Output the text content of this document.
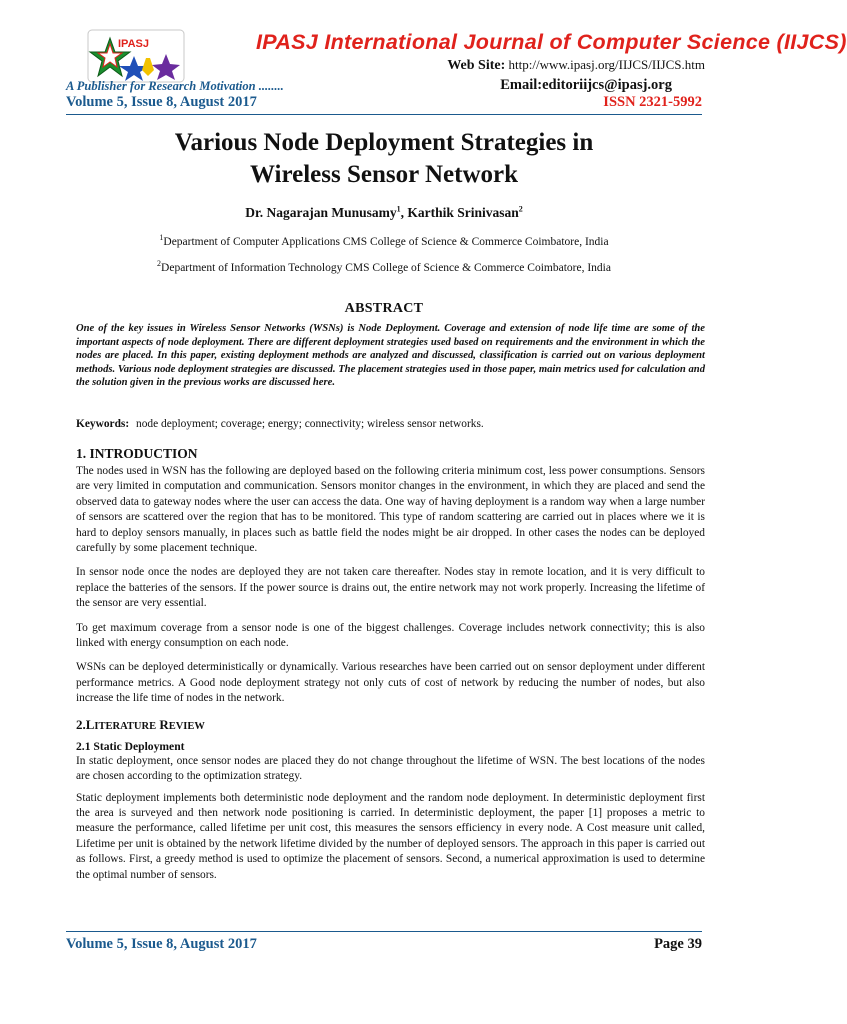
IPASJ	IPASJ International Journal of Computer Science (IIJCS)
Web Site: http://www.ipasj.org/IIJCS/IIJCS.htm
A Publisher for Research Motivation ........	Email:editoriijcs@ipasj.org
Volume 5, Issue 8, August 2017	ISSN 2321-5992
Various Node Deployment Strategies in
Wireless Sensor Network
Dr. Nagarajan Munusamy$^1$, Karthik Srinivasan$^2$
$^1$Department of Computer Applications CMS College of Science & Commerce Coimbatore, India
$^2$Department of Information Technology CMS College of Science & Commerce Coimbatore, India
ABSTRACT
One of the key issues in Wireless Sensor Networks (WSNs) is Node Deployment. Coverage and extension of node life time are some of the important aspects of node deployment. There are different deployment strategies used based on requirements and the environment in which the nodes are placed. In this paper, existing deployment methods are analyzed and discussed, classification is carried out on various deployment methods. Various node deployment strategies are discussed. The placement strategies used in those paper, main metrics used for calculation and the solution given in the previous works are discussed here.
Keywords: node deployment; coverage; energy; connectivity; wireless sensor networks.
1. INTRODUCTION

The nodes used in WSN has the following are deployed based on the following criteria minimum cost, less power consumptions. Sensors are very limited in computation and communication. Sensors monitor changes in the environment, in which they are placed and send the observed data to gateway nodes where the user can access the data. One way of having deployment is a random way when a large number of sensors are scattered over the region that has to be monitored. This type of random scattering are carried out in places where we it is hard to deploy sensors manually, in places such as battle field the nodes might be air dropped. In other cases the nodes can be deployed carefully by some placement technique.

In sensor node once the nodes are deployed they are not taken care thereafter. Nodes stay in remote location, and it is very difficult to replace the batteries of the sensors. If the power source is drains out, the entire network may not work properly. Increasing the lifetime of the sensor are very essential.

To get maximum coverage from a sensor node is one of the biggest challenges. Coverage includes network connectivity; this is also linked with energy consumption on each node.

WSNs can be deployed deterministically or dynamically. Various researches have been carried out on sensor deployment under different performance metrics. A Good node deployment strategy not only cuts of cost of network by reducing the number of nodes, but also increase the life time of nodes in the network.

2.LITERATURE REVIEW
2.1 Static Deployment

In static deployment, once sensor nodes are placed they do not change throughout the lifetime of WSN. The best locations of the nodes are chosen according to the optimization strategy.

Static deployment implements both deterministic node deployment and the random node deployment. In deterministic deployment first the area is surveyed and then network node positioning is carried. In deterministic deployment, the paper [1] proposes a metric to measure the performance, called lifetime per unit cost, this measures the sensors efficiency in every node. A Cost measure unit called, Lifetime per unit is obtained by the network lifetime divided by the number of deployed sensors. The approach in this paper is carried out as follows. First, a greedy method is used to optimize the placement of sensors. Second, a numerical approximation is used to determine the optimal number of sensors.

Volume 5, Issue 8, August 2017	Page 39
